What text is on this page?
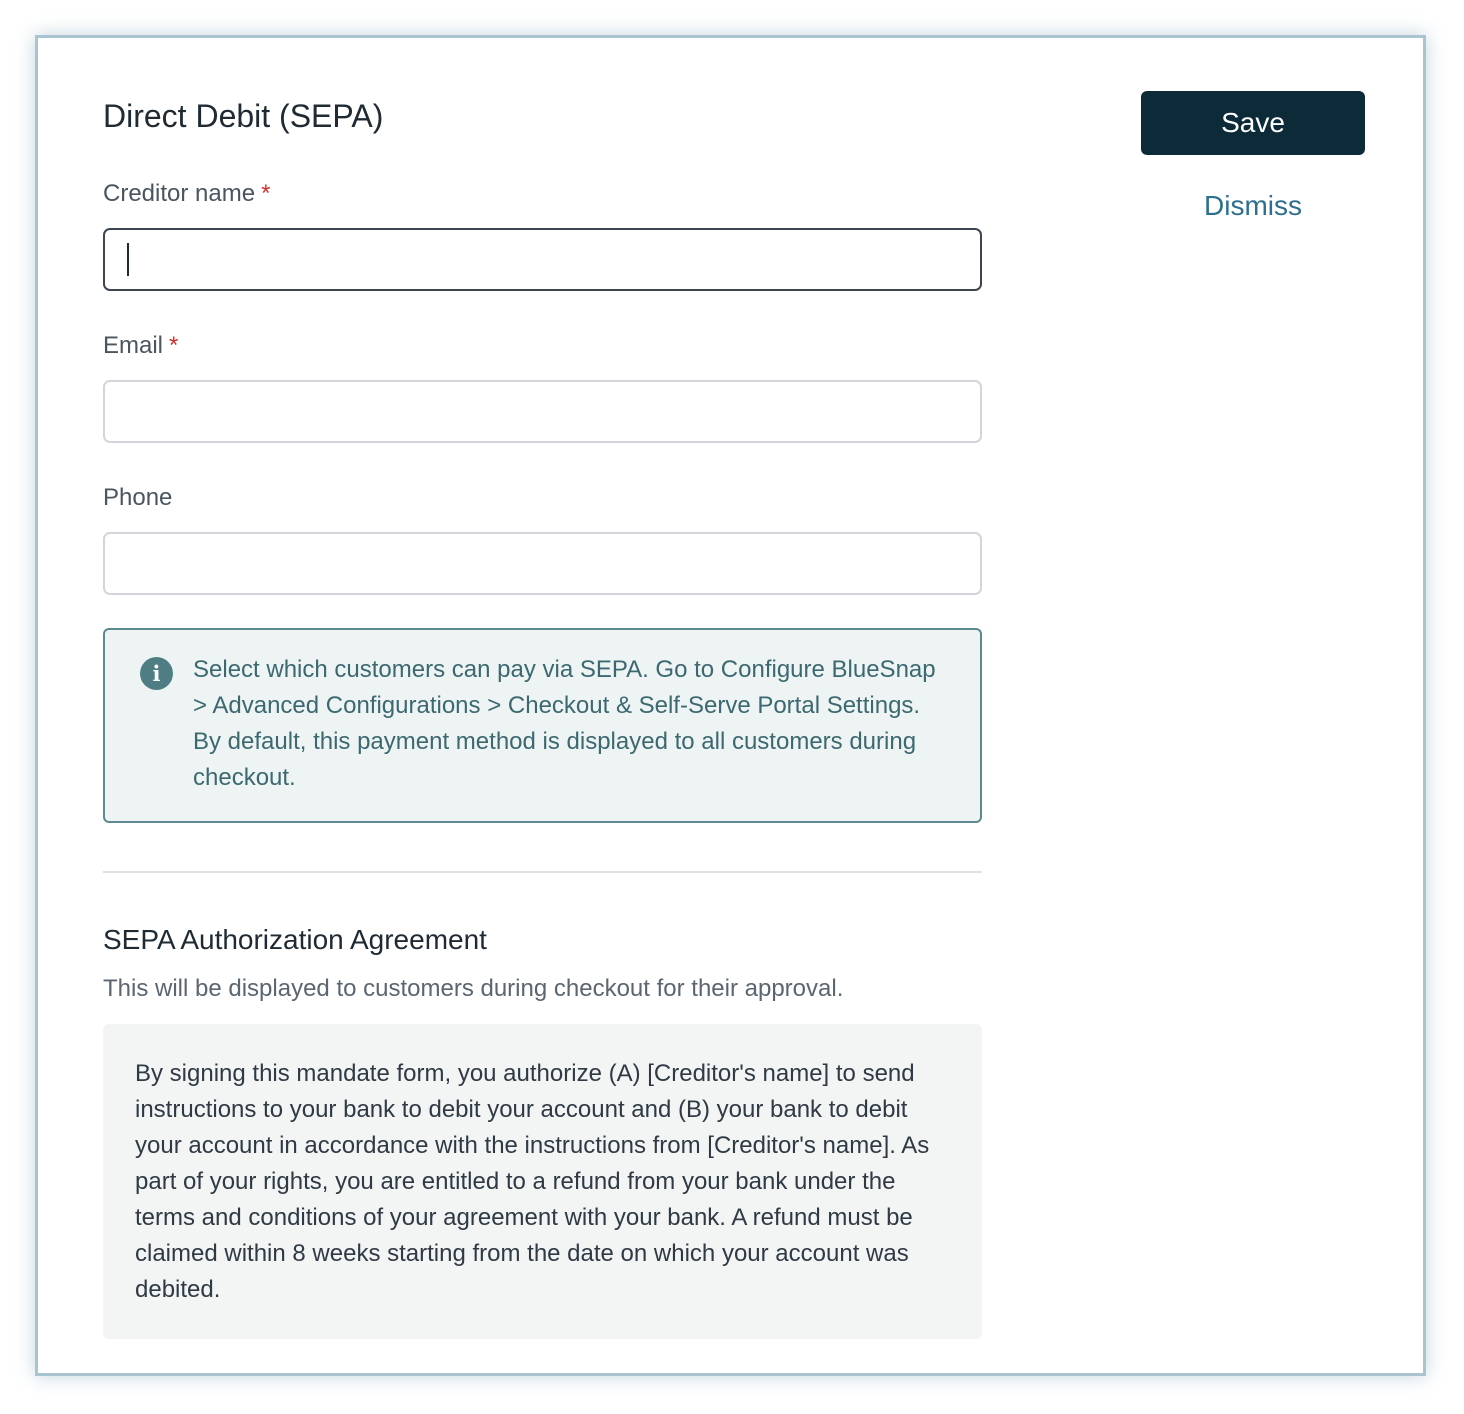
Direct Debit (SEPA)	Save
Dismiss
Creditor name *
Email *
Phone
i	Select which customers can pay via SEPA. Go to Configure BlueSnap > Advanced Configurations > Checkout & Self-Serve Portal Settings. By default, this payment method is displayed to all customers during checkout.

SEPA Authorization Agreement

This will be displayed to customers during checkout for their approval.

By signing this mandate form, you authorize (A) [Creditor's name] to send instructions to your bank to debit your account and (B) your bank to debit your account in accordance with the instructions from [Creditor's name]. As part of your rights, you are entitled to a refund from your bank under the terms and conditions of your agreement with your bank. A refund must be claimed within 8 weeks starting from the date on which your account was debited.
